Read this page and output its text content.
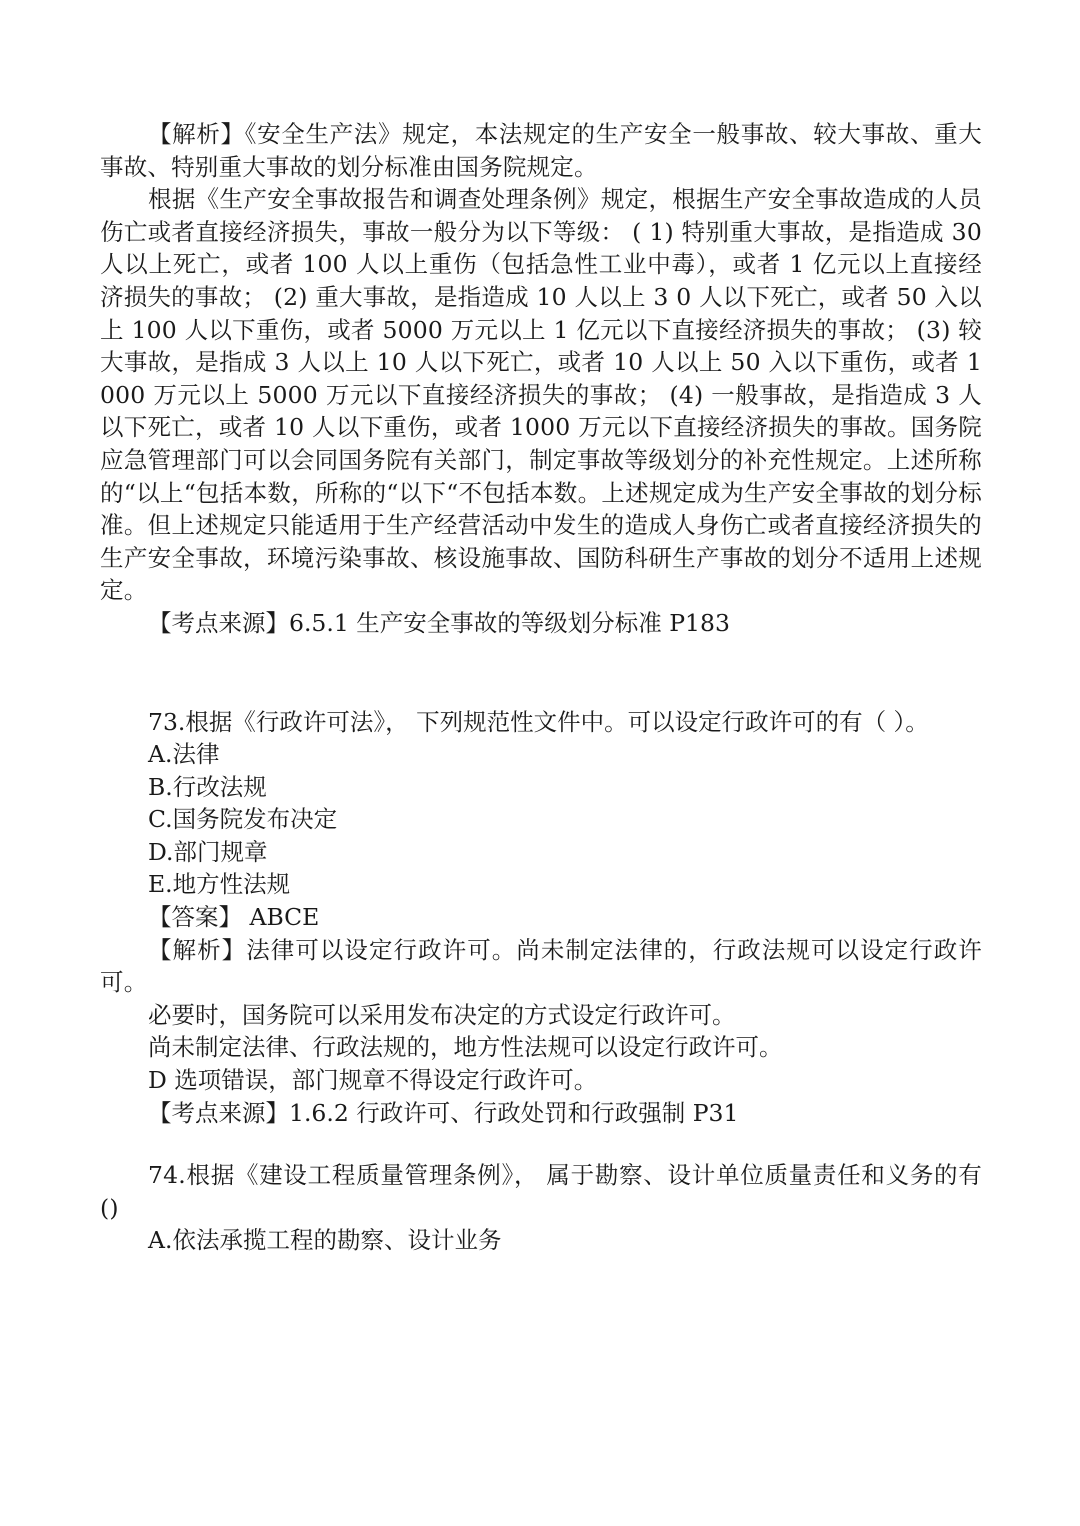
【解析】《安全生产法》规定，本法规定的生产安全一般事故、较大事故、重大事故、特别重大事故的划分标准由国务院规定。

根据《生产安全事故报告和调查处理条例》规定，根据生产安全事故造成的人员伤亡或者直接经济损失，事故一般分为以下等级： ( 1) 特别重大事故，是指造成 30 人以上死亡，或者 100 人以上重伤（包括急性工业中毒），或者 1 亿元以上直接经济损失的事故； (2) 重大事故，是指造成 10 人以上 3 0 人以下死亡，或者 50 入以上 100 人以下重伤，或者 5000 万元以上 1 亿元以下直接经济损失的事故； (3) 较大事故，是指成 3 人以上 10 人以下死亡，或者 10 人以上 50 入以下重伤，或者 1000 万元以上 5000 万元以下直接经济损失的事故； (4) 一般事故，是指造成 3 人以下死亡，或者 10 人以下重伤，或者 1000 万元以下直接经济损失的事故。国务院应急管理部门可以会同国务院有关部门，制定事故等级划分的补充性规定。上述所称的“以上“包括本数，所称的“以下“不包括本数。上述规定成为生产安全事故的划分标准。但上述规定只能适用于生产经营活动中发生的造成人身伤亡或者直接经济损失的生产安全事故，环境污染事故、核设施事故、国防科研生产事故的划分不适用上述规定。

【考点来源】6.5.1 生产安全事故的等级划分标准 P183

73.根据《行政许可法》， 下列规范性文件中。可以设定行政许可的有（ ）。

A.法律

B.行改法规

C.国务院发布决定

D.部门规章

E.地方性法规

【答案】 ABCE

【解析】法律可以设定行政许可。尚未制定法律的，行政法规可以设定行政许可。

必要时，国务院可以采用发布决定的方式设定行政许可。

尚未制定法律、行政法规的，地方性法规可以设定行政许可。

D 选项错误，部门规章不得设定行政许可。

【考点来源】1.6.2 行政许可、行政处罚和行政强制 P31

74.根据《建设工程质量管理条例》， 属于勘察、设计单位质量责任和义务的有()

A.依法承揽工程的勘察、设计业务
